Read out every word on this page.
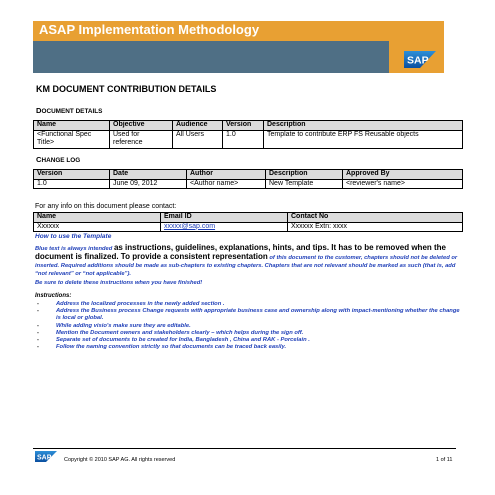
ASAP Implementation Methodology
SAP
KM DOCUMENT CONTRIBUTION DETAILS
DOCUMENT DETAILS
Name	Objective	Audience	Version	Description
<Functional Spec Title>	Used for reference	All Users	1.0	Template to contribute ERP FS Reusable objects
CHANGE LOG
Version	Date	Author	Description	Approved By
1.0	June 09, 2012	<Author name>	New Template	<reviewer's name>
For any info on this document please contact:
Name	Email ID	Contact No
Xxxxxx	xxxxx@sap.com	Xxxxxx Extn: xxxx
How to use the Template
Blue text is always intended as instructions, guidelines, explanations, hints, and tips. It has to be removed when the document is finalized. To provide a consistent representation of this document to the customer, chapters should not be deleted or inserted. Required additions should be made as sub-chapters to existing chapters. Chapters that are not relevant should be marked as such (that is, add “not relevant” or “not applicable”).
Be sure to delete these instructions when you have finished!
Instructions:
-	Address the localized processes in the newly added section .
-	Address the Business process Change requests with appropriate business case and ownership along with impact-mentioning whether the change is local or global.
-	While adding visio's make sure they are editable.
-	Mention the Document owners and stakeholders clearly – which helps during the sign off.
-	Separate set of documents to be created for India, Bangladesh , China and RAK - Porcelain .
-	Follow the naming convention strictly so that documents can be traced back easily.
SAP Copyright © 2010 SAP AG. All rights reserved	1 of 11
